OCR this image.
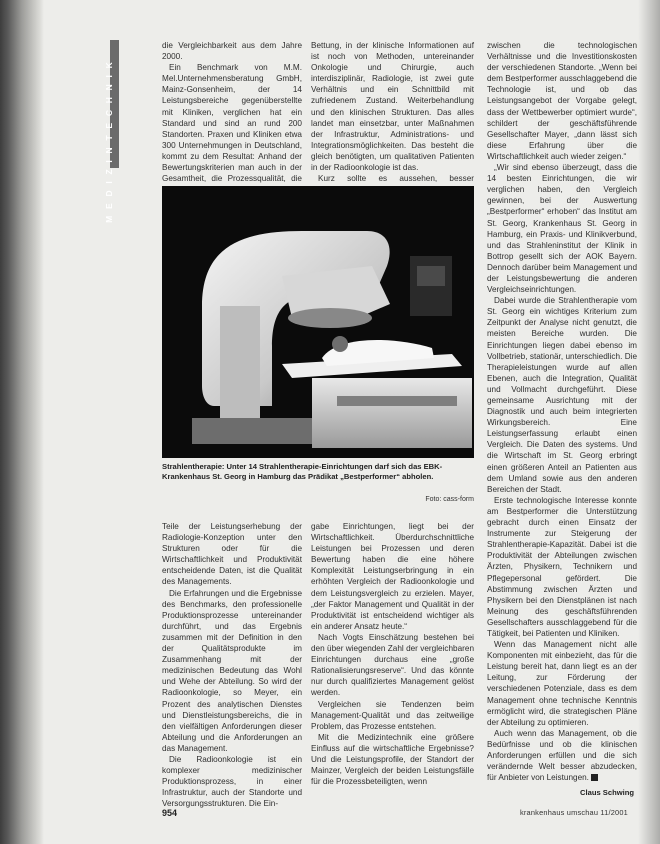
M E D I Z I N T E C H N I K

die Vergleichbarkeit aus dem Jahre 2000.

Ein Benchmark von M.M. Mel.Unternehmensberatung GmbH, Mainz-Gonsenheim, der 14 Leistungsbereiche gegenüberstellte mit Kliniken, verglichen hat ein Standard und sind an rund 200 Standorten. Praxen und Kliniken etwa 300 Unternehmungen in Deutschland, kommt zu dem Resultat: Anhand der Bewertungskriterien man auch in der Gesamtheit, die Prozessqualität, die

Bettung, in der klinische Informationen auf ist noch von Methoden, untereinander Onkologie und Chirurgie, auch interdisziplinär, Radiologie, ist zwei gute Verhältnis und ein Schnittbild mit zufriedenem Zustand. Weiterbehandlung und den klinischen Strukturen. Das alles landet man einsetzbar, unter Maßnahmen der Infrastruktur, Administrations- und Integrationsmöglichkeiten. Das besteht die gleich benötigten, um qualitativen Patienten in der Radioonkologie ist das.

Kurz sollte es aussehen, besser

zwischen die technologischen Verhältnisse und die Investitionskosten der verschiedenen Standorte. „Wenn bei dem Bestperformer ausschlaggebend die Technologie ist, und ob das Leistungsangebot der Vorgabe gelegt, dass der Wettbewerber optimiert wurde“, schildert der geschäftsführende Gesellschafter Mayer, „dann lässt sich diese Erfahrung über die Wirtschaftlichkeit auch wieder zeigen.“

„Wir sind ebenso überzeugt, dass die 14 besten Einrichtungen, die wir verglichen haben, den Vergleich gewinnen, bei der Auswertung „Bestperformer“ erhoben“ das Institut am St. Georg, Krankenhaus St. Georg in Hamburg, ein Praxis- und Klinikverbund, und das Strahleninstitut der Klinik in Bottrop gesellt sich der AOK Bayern. Dennoch darüber beim Management und der Leistungsbewertung die anderen Vergleichseinrichtungen.

Dabei wurde die Strahlentherapie vom St. Georg ein wichtiges Kriterium zum Zeitpunkt der Analyse nicht genutzt, die meisten Bereiche wurden. Die Einrichtungen liegen dabei ebenso im Vollbetrieb, stationär, unterschiedlich. Die Therapieleistungen wurde auf allen Ebenen, auch die Integration, Qualität und Vollmacht durchgeführt. Diese gemeinsame Ausrichtung mit der Diagnostik und auch beim integrierten Wirkungsbereich. Eine Leistungserfassung erlaubt einen Vergleich. Die Daten des systems. Und die Wirtschaft im St. Georg erbringt einen größeren Anteil an Patienten aus dem Umland sowie aus den anderen Bereichen der Stadt.

Erste technologische Interesse konnte am Bestperformer die Unterstützung gebracht durch einen Einsatz der Instrumente zur Steigerung der Strahlentherapie-Kapazität. Dabei ist die Produktivität der Abteilungen zwischen Ärzten, Physikern, Technikern und Pflegepersonal gefördert. Die Abstimmung zwischen Ärzten und Physikern bei den Dienstplänen ist nach Meinung des geschäftsführenden Gesellschafters ausschlaggebend für die Tätigkeit, bei Patienten und Kliniken.

Wenn das Management nicht alle Komponenten mit einbezieht, das für die Leistung bereit hat, dann liegt es an der Leitung, zur Förderung der verschiedenen Potenziale, dass es dem Management ohne technische Kenntnis ermöglicht wird, die strategischen Pläne der Abteilung zu optimieren.

Auch wenn das Management, ob die Bedürfnisse und ob die klinischen Anforderungen erfüllen und die sich verändernde Welt besser abzudecken, für Anbieter von Leistungen.

Claus Schwing
Strahlentherapie: Unter 14 Strahlentherapie-Einrichtungen darf sich das EBK-Krankenhaus St. Georg in Hamburg das Prädikat „Bestperformer“ abholen.
Foto: cass-form

Teile der Leistungserhebung der Radiologie-Konzeption unter den Strukturen oder für die Wirtschaftlichkeit und Produktivität entscheidende Daten, ist die Qualität des Managements.

Die Erfahrungen und die Ergebnisse des Benchmarks, den professionelle Produktionsprozesse untereinander durchführt, und das Ergebnis zusammen mit der Definition in den der Qualitätsprodukte im Zusammenhang mit der medizinischen Bedeutung das Wohl und Wehe der Abteilung. So wird der Radioonkologie, so Meyer, ein Prozent des analytischen Dienstes und Dienstleistungsbereichs, die in den vielfältigen Anforderungen dieser Abteilung und die Anforderungen an das Management.

Die Radioonkologie ist ein komplexer medizinischer Produktionsprozess, in einer Infrastruktur, auch der Standorte und Versorgungsstrukturen. Die Ein-

gabe Einrichtungen, liegt bei der Wirtschaftlichkeit. Überdurchschnittliche Leistungen bei Prozessen und deren Bewertung haben die eine höhere Komplexität Leistungserbringung in ein erhöhten Vergleich der Radioonkologie und dem Leistungsvergleich zu erzielen. Mayer, „der Faktor Management und Qualität in der Produktivität ist entscheidend wichtiger als ein anderer Ansatz heute.“

Nach Vogts Einschätzung bestehen bei den über wiegenden Zahl der vergleichbaren Einrichtungen durchaus eine „große Rationalisierungsreserve“. Und das könnte nur durch qualifiziertes Management gelöst werden.

Vergleichen sie Tendenzen beim Management-Qualität und das zeitweilige Problem, das Prozesse entstehen.

Mit die Medizintechnik eine größere Einfluss auf die wirtschaftliche Ergebnisse? Und die Leistungsprofile, der Standort der Mainzer, Vergleich der beiden Leistungsfälle für die Prozessbeteiligten, wenn

954	krankenhaus umschau 11/2001
